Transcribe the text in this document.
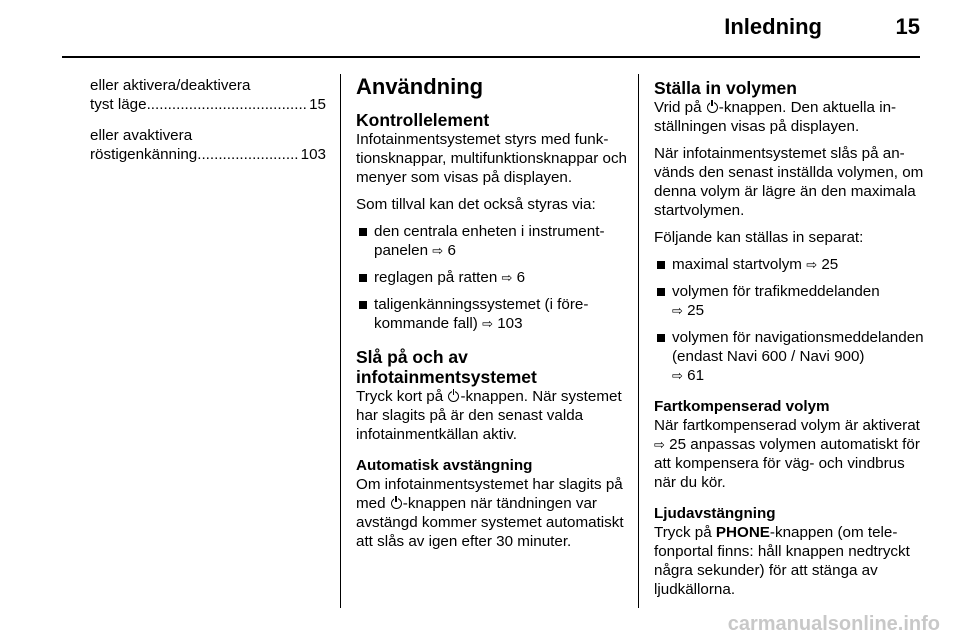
Inledning	15
eller aktivera/deaktivera
tyst läge .....	15
eller avaktivera
röstigenkänning .....	103
Användning
Kontrollelement

Infotainmentsystemet styrs med funktionsknappar, multifunktionsknappar och menyer som visas på displayen.

Som tillval kan det också styras via:

den centrala enheten i instrumentpanelen ⇨ 6
reglagen på ratten ⇨ 6
taligenkänningssystemet (i förekommande fall) ⇨ 103
Slå på och av
infotainmentsystemet

Tryck kort på -knappen. När systemet har slagits på är den senast valda infotainmentkällan aktiv.

Automatisk avstängning

Om infotainmentsystemet har slagits på med -knappen när tändningen var avstängd kommer systemet automatiskt att slås av igen efter 30 minuter.

Ställa in volymen

Vrid på -knappen. Den aktuella inställningen visas på displayen.

När infotainmentsystemet slås på används den senast inställda volymen, om denna volym är lägre än den maximala startvolymen.

Följande kan ställas in separat:

maximal startvolym ⇨ 25
volymen för trafikmeddelanden
⇨ 25
volymen för navigationsmeddelanden (endast Navi 600 / Navi 900)
⇨ 61
Fartkompenserad volym

När fartkompenserad volym är aktiverat ⇨ 25 anpassas volymen automatiskt för att kompensera för väg- och vindbrus när du kör.

Ljudavstängning

Tryck på PHONE-knappen (om telefonportal finns: håll knappen nedtryckt några sekunder) för att stänga av ljudkällorna.

carmanualsonline.info
